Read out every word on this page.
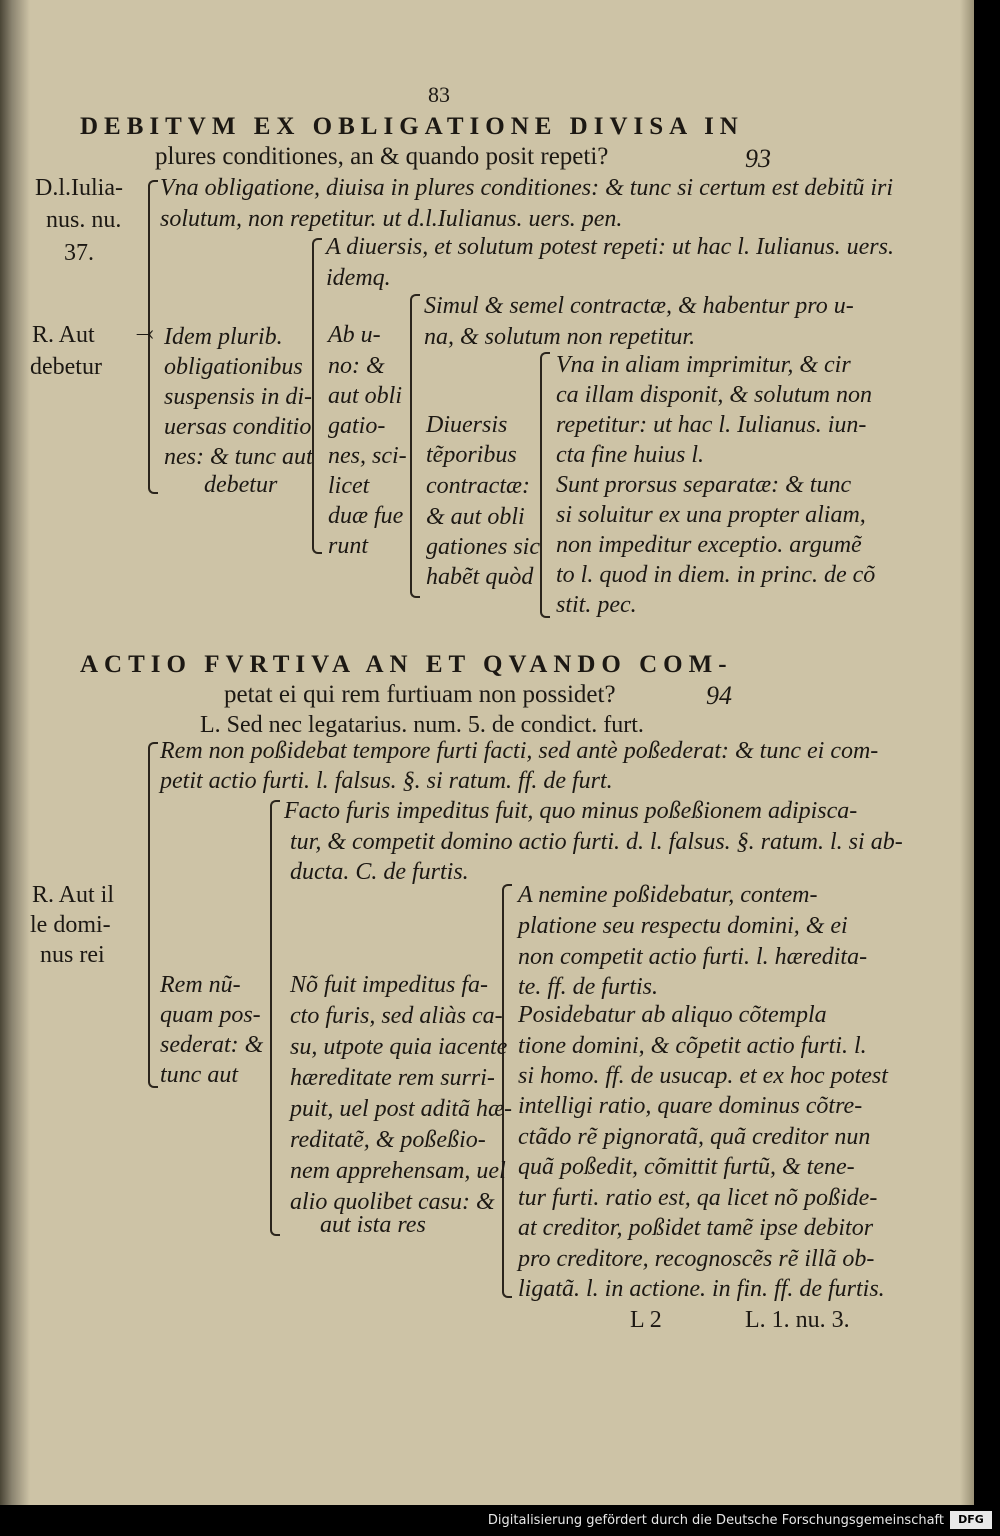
83
DEBITVM EX OBLIGATIONE DIVISA IN
plures conditiones, an & quando posit repeti?	93
D.l.Iulia-
nus. nu.
37.
R. Aut
debetur
⤙
Vna obligatione, diuisa in plures conditiones: & tunc si certum est debitũ iri
solutum, non repetitur. ut d.l.Iulianus. uers. pen.
A diuersis, et solutum potest repeti: ut hac l. Iulianus. uers.
idemq.
Idem plurib.
obligationibus
suspensis in di-
uersas conditio
nes: & tunc aut
debetur
Ab u-
no: &
aut obli
gatio-
nes, sci-
licet
duæ fue
runt
Simul & semel contractæ, & habentur pro u-
na, & solutum non repetitur.
Diuersis
tẽporibus
contractæ:
& aut obli
gationes sic
habẽt quòd
Vna in aliam imprimitur, & cir
ca illam disponit, & solutum non
repetitur: ut hac l. Iulianus. iun-
cta fine huius l.
Sunt prorsus separatæ: & tunc
si soluitur ex una propter aliam,
non impeditur exceptio. argumẽ
to l. quod in diem. in princ. de cõ
stit. pec.
ACTIO FVRTIVA AN ET QVANDO COM-
petat ei qui rem furtiuam non possidet?	94
L. Sed nec legatarius. num. 5. de condict. furt.
R. Aut il
le domi-
nus rei
Rem non poßidebat tempore furti facti, sed antè poßederat: & tunc ei com-
petit actio furti. l. falsus. §. si ratum. ff. de furt.
Facto furis impeditus fuit, quo minus poßeßionem adipisca-
tur, & competit domino actio furti. d. l. falsus. §. ratum. l. si ab-
ducta. C. de furtis.
Rem nũ-
quam pos-
sederat: &
tunc aut
Nõ fuit impeditus fa-
cto furis, sed aliàs ca-
su, utpote quia iacente
hæreditate rem surri-
puit, uel post aditã hæ-
reditatẽ, & poßeßio-
nem apprehensam, uel
alio quolibet casu: &
aut ista res
A nemine poßidebatur, contem-
platione seu respectu domini, & ei
non competit actio furti. l. hæredita-
te. ff. de furtis.
Posidebatur ab aliquo cõtempla
tione domini, & cõpetit actio furti. l.
si homo. ff. de usucap. et ex hoc potest
intelligi ratio, quare dominus cõtre-
ctãdo rẽ pignoratã, quã creditor nun
quã poßedit, cõmittit furtũ, & tene-
tur furti. ratio est, qa licet nõ poßide-
at creditor, poßidet tamẽ ipse debitor
pro creditore, recognoscẽs rẽ illã ob-
ligatã. l. in actione. in fin. ff. de furtis.
L 2	L. 1. nu. 3.
Digitalisierung gefördert durch die Deutsche Forschungsgemeinschaft	DFG
